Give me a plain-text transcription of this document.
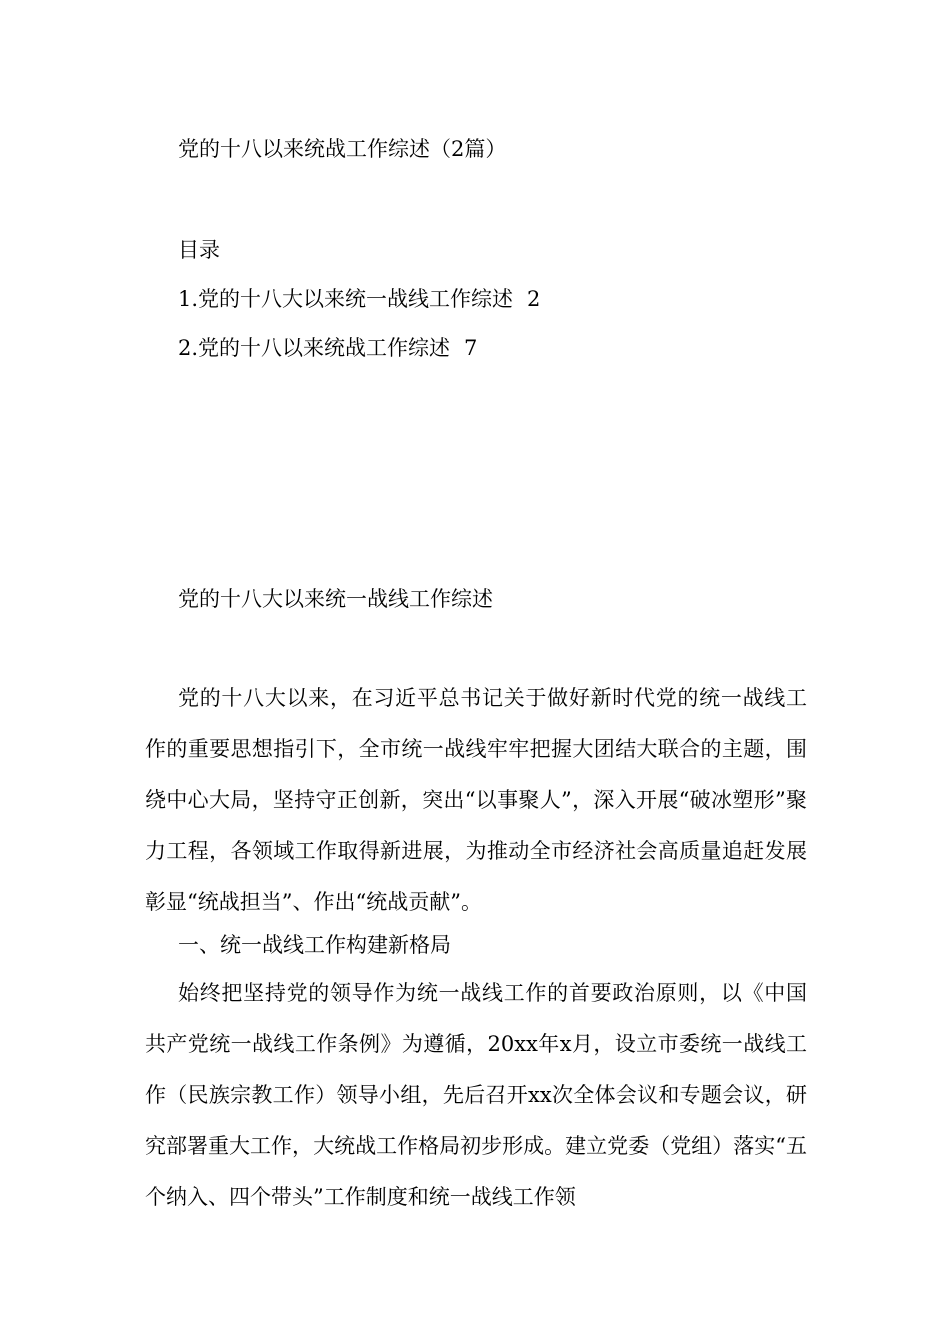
党的十八以来统战工作综述（2篇）
目录
1.党的十八大以来统一战线工作综述 2
2.党的十八以来统战工作综述 7
党的十八大以来统一战线工作综述

党的十八大以来，在习近平总书记关于做好新时代党的统一战线工作的重要思想指引下，全市统一战线牢牢把握大团结大联合的主题，围绕中心大局，坚持守正创新，突出“以事聚人”，深入开展“破冰塑形”聚力工程，各领域工作取得新进展，为推动全市经济社会高质量追赶发展彰显“统战担当”、作出“统战贡献”。

一、统一战线工作构建新格局

始终把坚持党的领导作为统一战线工作的首要政治原则，以《中国共产党统一战线工作条例》为遵循，20xx年x月，设立市委统一战线工作（民族宗教工作）领导小组，先后召开xx次全体会议和专题会议，研究部署重大工作，大统战工作格局初步形成。建立党委（党组）落实“五个纳入、四个带头”工作制度和统一战线工作领
